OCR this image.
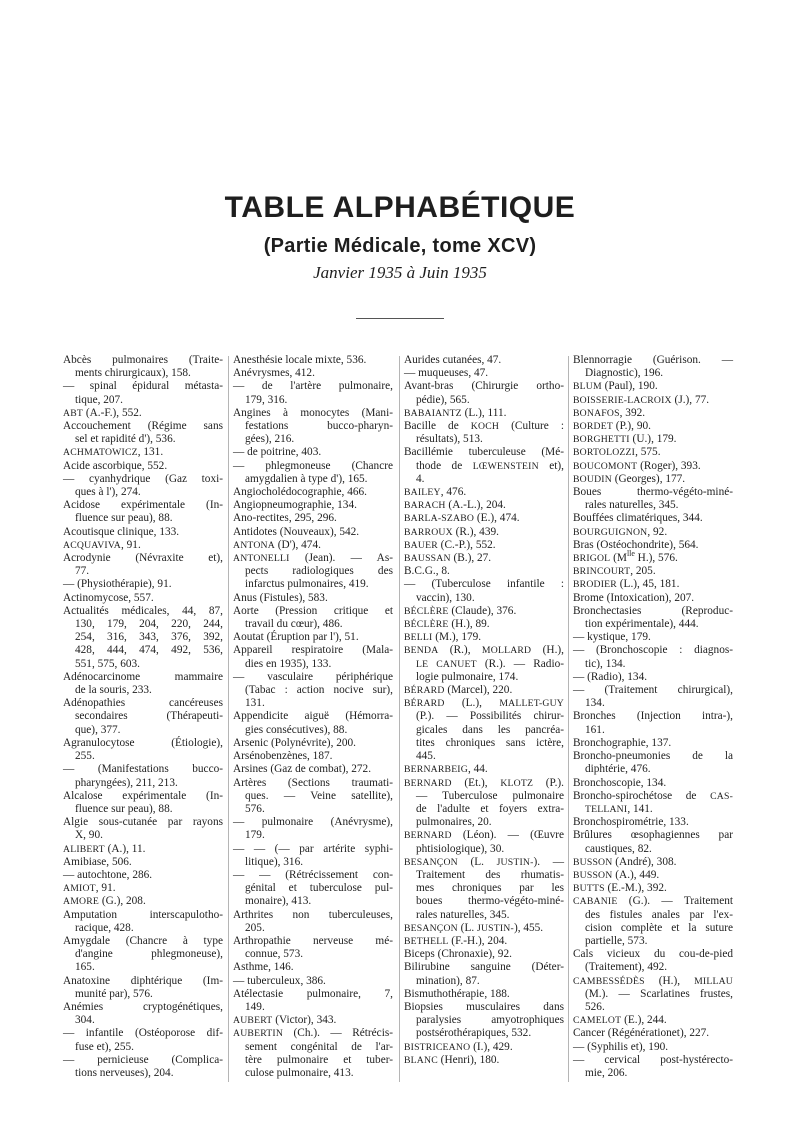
TABLE ALPHABÉTIQUE
(Partie Médicale, tome XCV)
Janvier 1935 à Juin 1935
Abcès pulmonaires (Traite-
ments chirurgicaux), 158.
— spinal épidural métasta-
tique, 207.
ABT (A.-F.), 552.
Accouchement (Régime sans
sel et rapidité d'), 536.
ACHMATOWICZ, 131.
Acide ascorbique, 552.
— cyanhydrique (Gaz toxi-
ques à l'), 274.
Acidose expérimentale (In-
fluence sur peau), 88.
Acoutisque clinique, 133.
ACQUAVIVA, 91.
Acrodynie (Névraxite et),
77.
— (Physiothérapie), 91.
Actinomycose, 557.
Actualités médicales, 44, 87,
130, 179, 204, 220, 244,
254, 316, 343, 376, 392,
428, 444, 474, 492, 536,
551, 575, 603.
Adénocarcinome mammaire
de la souris, 233.
Adénopathies cancéreuses
secondaires (Thérapeuti-
que), 377.
Agranulocytose (Étiologie),
255.
— (Manifestations bucco-
pharyngées), 211, 213.
Alcalose expérimentale (In-
fluence sur peau), 88.
Algie sous-cutanée par rayons
X, 90.
ALIBERT (A.), 11.
Amibiase, 506.
— autochtone, 286.
AMIOT, 91.
AMORE (G.), 208.
Amputation interscapulotho-
racique, 428.
Amygdale (Chancre à type
d'angine phlegmoneuse),
165.
Anatoxine diphtérique (Im-
munité par), 576.
Anémies cryptogénétiques,
304.
— infantile (Ostéoporose dif-
fuse et), 255.
— pernicieuse (Complica-
tions nerveuses), 204.
Anesthésie locale mixte, 536.
Anévrysmes, 412.
— de l'artère pulmonaire,
179, 316.
Angines à monocytes (Mani-
festations bucco-pharyn-
gées), 216.
— de poitrine, 403.
— phlegmoneuse (Chancre
amygdalien à type d'), 165.
Angiocholédocographie, 466.
Angiopneumographie, 134.
Ano-rectites, 295, 296.
Antidotes (Nouveaux), 542.
ANTONA (D'), 474.
ANTONELLI (Jean). — As-
pects radiologiques des
infarctus pulmonaires, 419.
Anus (Fistules), 583.
Aorte (Pression critique et
travail du cœur), 486.
Aoutat (Éruption par l'), 51.
Appareil respiratoire (Mala-
dies en 1935), 133.
— vasculaire périphérique
(Tabac : action nocive sur),
131.
Appendicite aiguë (Hémorra-
gies consécutives), 88.
Arsenic (Polynévrite), 200.
Arsénobenzènes, 187.
Arsines (Gaz de combat), 272.
Artères (Sections traumati-
ques. — Veine satellite),
576.
— pulmonaire (Anévrysme),
179.
— — (— par artérite syphi-
litique), 316.
— — (Rétrécissement con-
génital et tuberculose pul-
monaire), 413.
Arthrites non tuberculeuses,
205.
Arthropathie nerveuse mé-
connue, 573.
Asthme, 146.
— tuberculeux, 386.
Atélectasie pulmonaire, 7,
149.
AUBERT (Victor), 343.
AUBERTIN (Ch.). — Rétrécis-
sement congénital de l'ar-
tère pulmonaire et tuber-
culose pulmonaire, 413.
Aurides cutanées, 47.
— muqueuses, 47.
Avant-bras (Chirurgie ortho-
pédie), 565.
BABAIANTZ (L.), 111.
Bacille de KOCH (Culture :
résultats), 513.
Bacillémie tuberculeuse (Mé-
thode de LŒWENSTEIN et),
4.
BAILEY, 476.
BARACH (A.-L.), 204.
BARLA-SZABO (E.), 474.
BARROUX (R.), 439.
BAUER (C.-P.), 552.
BAUSSAN (B.), 27.
B.C.G., 8.
— (Tuberculose infantile :
vaccin), 130.
BÉCLÈRE (Claude), 376.
BÉCLÈRE (H.), 89.
BELLI (M.), 179.
BENDA (R.), MOLLARD (H.),
LE CANUET (R.). — Radio-
logie pulmonaire, 174.
BÉRARD (Marcel), 220.
BÉRARD (L.), MALLET-GUY
(P.). — Possibilités chirur-
gicales dans les pancréa-
tites chroniques sans ictère,
445.
BERNARBEIG, 44.
BERNARD (Et.), KLOTZ (P.).
— Tuberculose pulmonaire
de l'adulte et foyers extra-
pulmonaires, 20.
BERNARD (Léon). — (Œuvre
phtisiologique), 30.
BESANÇON (L. JUSTIN-). —
Traitement des rhumatis-
mes chroniques par les
boues thermo-végéto-miné-
rales naturelles, 345.
BESANÇON (L. JUSTIN-), 455.
BETHELL (F.-H.), 204.
Biceps (Chronaxie), 92.
Bilirubine sanguine (Déter-
mination), 87.
Bismuthothérapie, 188.
Biopsies musculaires dans
paralysies amyotrophiques
postsérothérapiques, 532.
BISTRICEANO (I.), 429.
BLANC (Henri), 180.
Blennorragie (Guérison. —
Diagnostic), 196.
BLUM (Paul), 190.
BOISSERIE-LACROIX (J.), 77.
BONAFOS, 392.
BORDET (P.), 90.
BORGHETTI (U.), 179.
BORTOLOZZI, 575.
BOUCOMONT (Roger), 393.
BOUDIN (Georges), 177.
Boues thermo-végéto-miné-
rales naturelles, 345.
Bouffées climatériques, 344.
BOURGUIGNON, 92.
Bras (Ostéochondrite), 564.
BRIGOL ($M^{lle}$ H.), 576.
BRINCOURT, 205.
BRODIER (L.), 45, 181.
Brome (Intoxication), 207.
Bronchectasies (Reproduc-
tion expérimentale), 444.
— kystique, 179.
— (Bronchoscopie : diagnos-
tic), 134.
— (Radio), 134.
— (Traitement chirurgical),
134.
Bronches (Injection intra-),
161.
Bronchographie, 137.
Broncho-pneumonies de la
diphtérie, 476.
Bronchoscopie, 134.
Broncho-spirochétose de CAS-
TELLANI, 141.
Bronchospirométrie, 133.
Brûlures œsophagiennes par
caustiques, 82.
BUSSON (André), 308.
BUSSON (A.), 449.
BUTTS (E.-M.), 392.
CABANIE (G.). — Traitement
des fistules anales par l'ex-
cision complète et la suture
partielle, 573.
Cals vicieux du cou-de-pied
(Traitement), 492.
CAMBESSÉDÈS (H.), MILLAU
(M.). — Scarlatines frustes,
526.
CAMELOT (E.), 244.
Cancer (Régénérationet), 227.
— (Syphilis et), 190.
— cervical post-hystérecto-
mie, 206.
